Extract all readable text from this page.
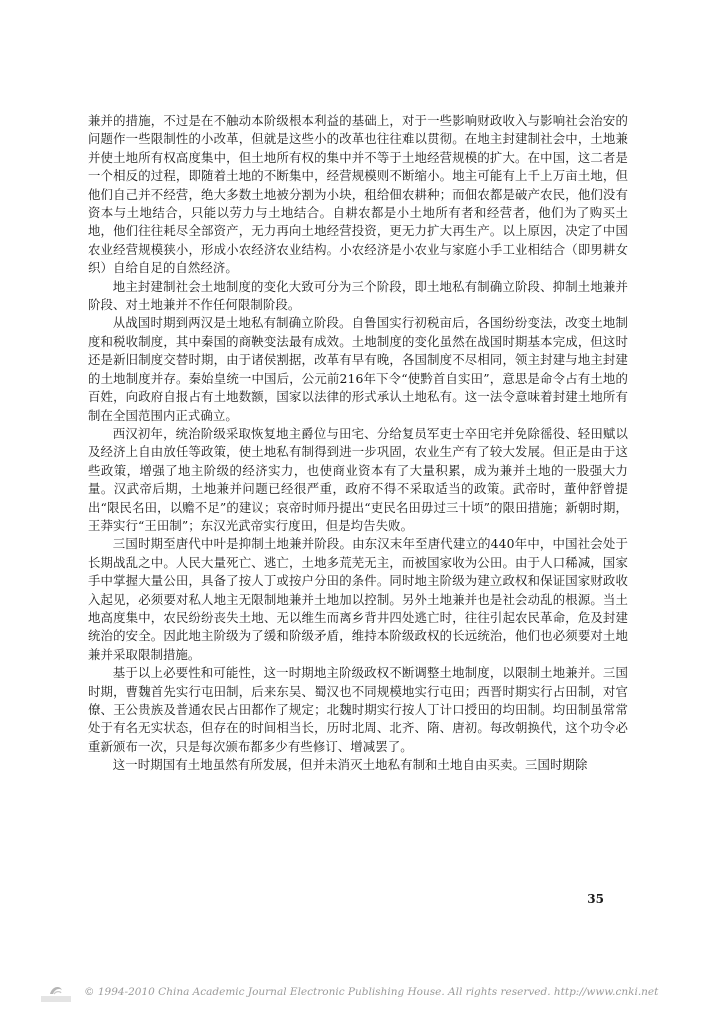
兼并的措施，不过是在不触动本阶级根本利益的基础上，对于一些影响财政收入与影响社会治安的问题作一些限制性的小改革，但就是这些小的改革也往往难以贯彻。在地主封建制社会中，土地兼并使土地所有权高度集中，但土地所有权的集中并不等于土地经营规模的扩大。在中国，这二者是一个相反的过程，即随着土地的不断集中，经营规模则不断缩小。地主可能有上千上万亩土地，但他们自己并不经营，绝大多数土地被分割为小块，租给佃农耕种；而佃农都是破产农民，他们没有资本与土地结合，只能以劳力与土地结合。自耕农都是小土地所有者和经营者，他们为了购买土地，他们往往耗尽全部资产，无力再向土地经营投资，更无力扩大再生产。以上原因，决定了中国农业经营规模狭小，形成小农经济农业结构。小农经济是小农业与家庭小手工业相结合（即男耕女织）自给自足的自然经济。

地主封建制社会土地制度的变化大致可分为三个阶段，即土地私有制确立阶段、抑制土地兼并阶段、对土地兼并不作任何限制阶段。

从战国时期到两汉是土地私有制确立阶段。自鲁国实行初税亩后，各国纷纷变法，改变土地制度和税收制度，其中秦国的商鞅变法最有成效。土地制度的变化虽然在战国时期基本完成，但这时还是新旧制度交替时期，由于诸侯割据，改革有早有晚，各国制度不尽相同，领主封建与地主封建的土地制度并存。秦始皇统一中国后，公元前216年下令“使黔首自实田”，意思是命令占有土地的百姓，向政府自报占有土地数额，国家以法律的形式承认土地私有。这一法令意味着封建土地所有制在全国范围内正式确立。

西汉初年，统治阶级采取恢复地主爵位与田宅、分给复员军吏士卒田宅并免除徭役、轻田赋以及经济上自由放任等政策，使土地私有制得到进一步巩固，农业生产有了较大发展。但正是由于这些政策，增强了地主阶级的经济实力，也使商业资本有了大量积累，成为兼并土地的一股强大力量。汉武帝后期，土地兼并问题已经很严重，政府不得不采取适当的政策。武帝时，董仲舒曾提出“限民名田，以赡不足”的建议；哀帝时师丹提出“吏民名田毋过三十顷”的限田措施；新朝时期，王莽实行“王田制”；东汉光武帝实行度田，但是均告失败。

三国时期至唐代中叶是抑制土地兼并阶段。由东汉末年至唐代建立的440年中，中国社会处于长期战乱之中。人民大量死亡、逃亡，土地多荒芜无主，而被国家收为公田。由于人口稀减，国家手中掌握大量公田，具备了按人丁或按户分田的条件。同时地主阶级为建立政权和保证国家财政收入起见，必须要对私人地主无限制地兼并土地加以控制。另外土地兼并也是社会动乱的根源。当土地高度集中，农民纷纷丧失土地、无以维生而离乡背井四处逃亡时，往往引起农民革命，危及封建统治的安全。因此地主阶级为了缓和阶级矛盾，维持本阶级政权的长远统治，他们也必须要对土地兼并采取限制措施。

基于以上必要性和可能性，这一时期地主阶级政权不断调整土地制度，以限制土地兼并。三国时期，曹魏首先实行屯田制，后来东吴、蜀汉也不同规模地实行屯田；西晋时期实行占田制，对官僚、王公贵族及普通农民占田都作了规定；北魏时期实行按人丁计口授田的均田制。均田制虽常常处于有名无实状态，但存在的时间相当长，历时北周、北齐、隋、唐初。每改朝换代，这个功令必重新颁布一次，只是每次颁布都多少有些修订、增减罢了。

这一时期国有土地虽然有所发展，但并未消灭土地私有制和土地自由买卖。三国时期除

35
© 1994-2010 China Academic Journal Electronic Publishing House. All rights reserved. http://www.cnki.net
